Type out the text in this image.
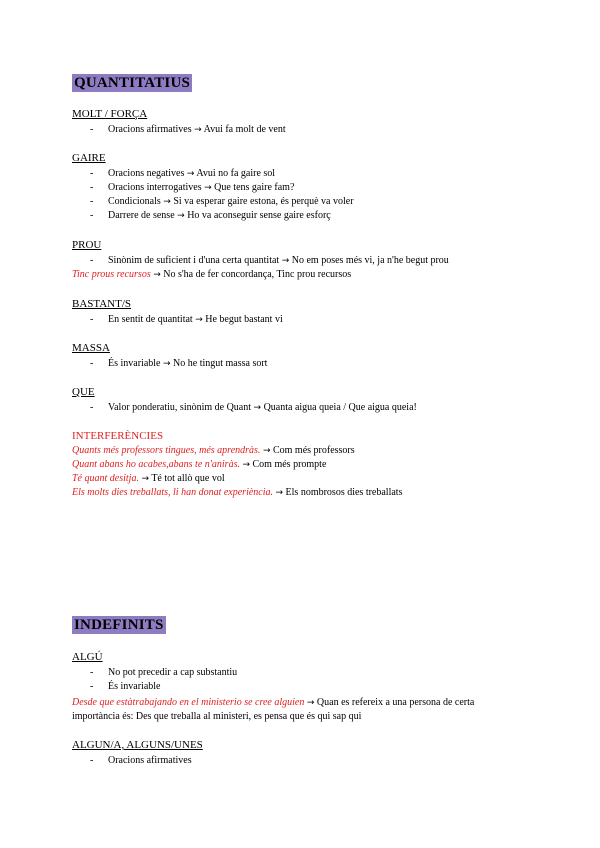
QUANTITATIUS
MOLT / FORÇA
- Oracions afirmatives → Avui fa molt de vent
GAIRE
- Oracions negatives → Avui no fa gaire sol
- Oracions interrogatives → Que tens gaire fam?
- Condicionals → Si va esperar gaire estona, és perquè va voler
- Darrere de sense → Ho va aconseguir sense gaire esforç
PROU
- Sinònim de suficient i d'una certa quantitat → No em poses més vi, ja n'he begut prou
Tinc prous recursos → No s'ha de fer concordança, Tinc prou recursos
BASTANT/S
- En sentit de quantitat → He begut bastant vi
MASSA
- És invariable → No he tingut massa sort
QUE
- Valor ponderatiu, sinònim de Quant → Quanta aigua queia / Que aigua queia!
INTERFERÈNCIES
Quants més professors tingues, més aprendràs. → Com més professors
Quant abans ho acabes,abans te n'aniràs. → Com més prompte
Té quant desitja. → Té tot allò que vol
Els molts dies treballats, li han donat experiència. → Els nombrosos dies treballats
INDEFINITS
ALGÚ
- No pot precedir a cap substantiu
- És invariable
Desde que estàtrabajando en el ministerio se cree alguien → Quan es refereix a una persona de certa
importància és: Des que treballa al ministeri, es pensa que és qui sap qui
ALGUN/A, ALGUNS/UNES
- Oracions afirmatives
